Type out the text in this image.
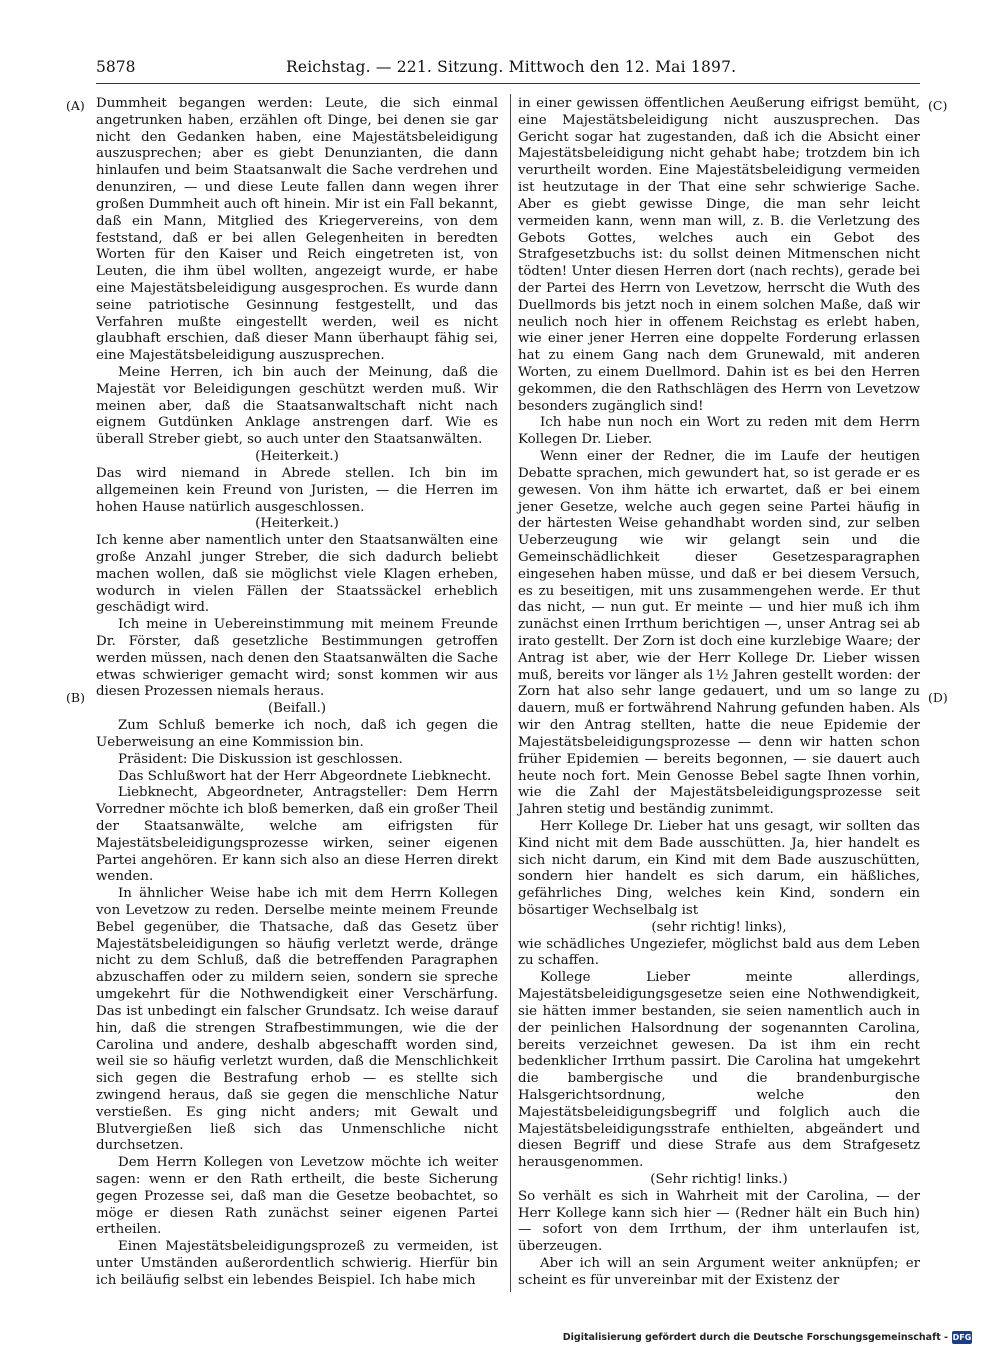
5878	Reichstag. — 221. Sitzung. Mittwoch den 12. Mai 1897.
(A)
(B)
(C)
(D)

Dummheit begangen werden: Leute, die sich einmal angetrunken haben, erzählen oft Dinge, bei denen sie gar nicht den Gedanken haben, eine Majestätsbeleidigung auszusprechen; aber es giebt Denunzianten, die dann hinlaufen und beim Staatsanwalt die Sache verdrehen und denunziren, — und diese Leute fallen dann wegen ihrer großen Dummheit auch oft hinein. Mir ist ein Fall bekannt, daß ein Mann, Mitglied des Kriegervereins, von dem feststand, daß er bei allen Gelegenheiten in beredten Worten für den Kaiser und Reich eingetreten ist, von Leuten, die ihm übel wollten, angezeigt wurde, er habe eine Majestätsbeleidigung ausgesprochen. Es wurde dann seine patriotische Gesinnung festgestellt, und das Verfahren mußte eingestellt werden, weil es nicht glaubhaft erschien, daß dieser Mann überhaupt fähig sei, eine Majestätsbeleidigung auszusprechen.

Meine Herren, ich bin auch der Meinung, daß die Majestät vor Beleidigungen geschützt werden muß. Wir meinen aber, daß die Staatsanwaltschaft nicht nach eignem Gutdünken Anklage anstrengen darf. Wie es überall Streber giebt, so auch unter den Staatsanwälten.

(Heiterkeit.)

Das wird niemand in Abrede stellen. Ich bin im allgemeinen kein Freund von Juristen, — die Herren im hohen Hause natürlich ausgeschlossen.

(Heiterkeit.)

Ich kenne aber namentlich unter den Staatsanwälten eine große Anzahl junger Streber, die sich dadurch beliebt machen wollen, daß sie möglichst viele Klagen erheben, wodurch in vielen Fällen der Staatssäckel erheblich geschädigt wird.

Ich meine in Uebereinstimmung mit meinem Freunde Dr. Förster, daß gesetzliche Bestimmungen getroffen werden müssen, nach denen den Staatsanwälten die Sache etwas schwieriger gemacht wird; sonst kommen wir aus diesen Prozessen niemals heraus.

(Beifall.)

Zum Schluß bemerke ich noch, daß ich gegen die Ueberweisung an eine Kommission bin.

Präsident: Die Diskussion ist geschlossen.

Das Schlußwort hat der Herr Abgeordnete Liebknecht.

Liebknecht, Abgeordneter, Antragsteller: Dem Herrn Vorredner möchte ich bloß bemerken, daß ein großer Theil der Staatsanwälte, welche am eifrigsten für Majestätsbeleidigungsprozesse wirken, seiner eigenen Partei angehören. Er kann sich also an diese Herren direkt wenden.

In ähnlicher Weise habe ich mit dem Herrn Kollegen von Levetzow zu reden. Derselbe meinte meinem Freunde Bebel gegenüber, die Thatsache, daß das Gesetz über Majestätsbeleidigungen so häufig verletzt werde, dränge nicht zu dem Schluß, daß die betreffenden Paragraphen abzuschaffen oder zu mildern seien, sondern sie spreche umgekehrt für die Nothwendigkeit einer Verschärfung. Das ist unbedingt ein falscher Grundsatz. Ich weise darauf hin, daß die strengen Strafbestimmungen, wie die der Carolina und andere, deshalb abgeschafft worden sind, weil sie so häufig verletzt wurden, daß die Menschlichkeit sich gegen die Bestrafung erhob — es stellte sich zwingend heraus, daß sie gegen die menschliche Natur verstießen. Es ging nicht anders; mit Gewalt und Blutvergießen ließ sich das Unmenschliche nicht durchsetzen.

Dem Herrn Kollegen von Levetzow möchte ich weiter sagen: wenn er den Rath ertheilt, die beste Sicherung gegen Prozesse sei, daß man die Gesetze beobachtet, so möge er diesen Rath zunächst seiner eigenen Partei ertheilen.

Einen Majestätsbeleidigungsprozeß zu vermeiden, ist unter Umständen außerordentlich schwierig. Hierfür bin ich beiläufig selbst ein lebendes Beispiel. Ich habe mich

in einer gewissen öffentlichen Aeußerung eifrigst bemüht, eine Majestätsbeleidigung nicht auszusprechen. Das Gericht sogar hat zugestanden, daß ich die Absicht einer Majestätsbeleidigung nicht gehabt habe; trotzdem bin ich verurtheilt worden. Eine Majestätsbeleidigung vermeiden ist heutzutage in der That eine sehr schwierige Sache. Aber es giebt gewisse Dinge, die man sehr leicht vermeiden kann, wenn man will, z. B. die Verletzung des Gebots Gottes, welches auch ein Gebot des Strafgesetzbuchs ist: du sollst deinen Mitmenschen nicht tödten! Unter diesen Herren dort (nach rechts), gerade bei der Partei des Herrn von Levetzow, herrscht die Wuth des Duellmords bis jetzt noch in einem solchen Maße, daß wir neulich noch hier in offenem Reichstag es erlebt haben, wie einer jener Herren eine doppelte Forderung erlassen hat zu einem Gang nach dem Grunewald, mit anderen Worten, zu einem Duellmord. Dahin ist es bei den Herren gekommen, die den Rathschlägen des Herrn von Levetzow besonders zugänglich sind!

Ich habe nun noch ein Wort zu reden mit dem Herrn Kollegen Dr. Lieber.

Wenn einer der Redner, die im Laufe der heutigen Debatte sprachen, mich gewundert hat, so ist gerade er es gewesen. Von ihm hätte ich erwartet, daß er bei einem jener Gesetze, welche auch gegen seine Partei häufig in der härtesten Weise gehandhabt worden sind, zur selben Ueberzeugung wie wir gelangt sein und die Gemeinschädlichkeit dieser Gesetzesparagraphen eingesehen haben müsse, und daß er bei diesem Versuch, es zu beseitigen, mit uns zusammengehen werde. Er thut das nicht, — nun gut. Er meinte — und hier muß ich ihm zunächst einen Irrthum berichtigen —, unser Antrag sei ab irato gestellt. Der Zorn ist doch eine kurzlebige Waare; der Antrag ist aber, wie der Herr Kollege Dr. Lieber wissen muß, bereits vor länger als 1½ Jahren gestellt worden: der Zorn hat also sehr lange gedauert, und um so lange zu dauern, muß er fortwährend Nahrung gefunden haben. Als wir den Antrag stellten, hatte die neue Epidemie der Majestätsbeleidigungsprozesse — denn wir hatten schon früher Epidemien — bereits begonnen, — sie dauert auch heute noch fort. Mein Genosse Bebel sagte Ihnen vorhin, wie die Zahl der Majestätsbeleidigungsprozesse seit Jahren stetig und beständig zunimmt.

Herr Kollege Dr. Lieber hat uns gesagt, wir sollten das Kind nicht mit dem Bade ausschütten. Ja, hier handelt es sich nicht darum, ein Kind mit dem Bade auszuschütten, sondern hier handelt es sich darum, ein häßliches, gefährliches Ding, welches kein Kind, sondern ein bösartiger Wechselbalg ist

(sehr richtig! links),

wie schädliches Ungeziefer, möglichst bald aus dem Leben zu schaffen.

Kollege Lieber meinte allerdings, Majestätsbeleidigungsgesetze seien eine Nothwendigkeit, sie hätten immer bestanden, sie seien namentlich auch in der peinlichen Halsordnung der sogenannten Carolina, bereits verzeichnet gewesen. Da ist ihm ein recht bedenklicher Irrthum passirt. Die Carolina hat umgekehrt die bambergische und die brandenburgische Halsgerichtsordnung, welche den Majestätsbeleidigungsbegriff und folglich auch die Majestätsbeleidigungsstrafe enthielten, abgeändert und diesen Begriff und diese Strafe aus dem Strafgesetz herausgenommen.

(Sehr richtig! links.)

So verhält es sich in Wahrheit mit der Carolina, — der Herr Kollege kann sich hier — (Redner hält ein Buch hin) — sofort von dem Irrthum, der ihm unterlaufen ist, überzeugen.

Aber ich will an sein Argument weiter anknüpfen; er scheint es für unvereinbar mit der Existenz der

Digitalisierung gefördert durch die Deutsche Forschungsgemeinschaft - DFG
